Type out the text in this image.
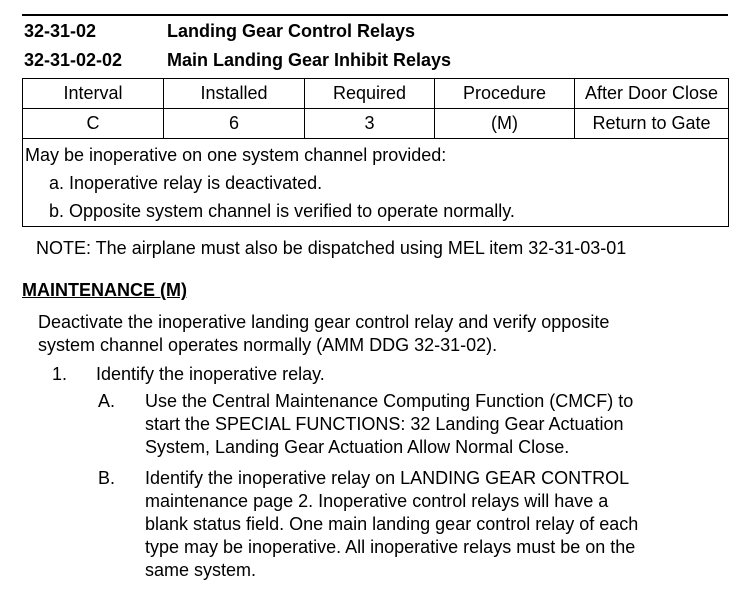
32-31-02	Landing Gear Control Relays
32-31-02-02 Main Landing Gear Inhibit Relays
Interval	Installed	Required	Procedure	After Door Close
C	6	3	(M)	Return to Gate

May be inoperative on one system channel provided:
a. Inoperative relay is deactivated.
b. Opposite system channel is verified to operate normally.				
NOTE: The airplane must also be dispatched using MEL item 32-31-03-01
MAINTENANCE (M)
Deactivate the inoperative landing gear control relay and verify opposite
system channel operates normally (AMM DDG 32-31-02).
1. Identify the inoperative relay.
A. Use the Central Maintenance Computing Function (CMCF) to
start the SPECIAL FUNCTIONS: 32 Landing Gear Actuation
System, Landing Gear Actuation Allow Normal Close.
B. Identify the inoperative relay on LANDING GEAR CONTROL
maintenance page 2. Inoperative control relays will have a
blank status field. One main landing gear control relay of each
type may be inoperative. All inoperative relays must be on the
same system.
